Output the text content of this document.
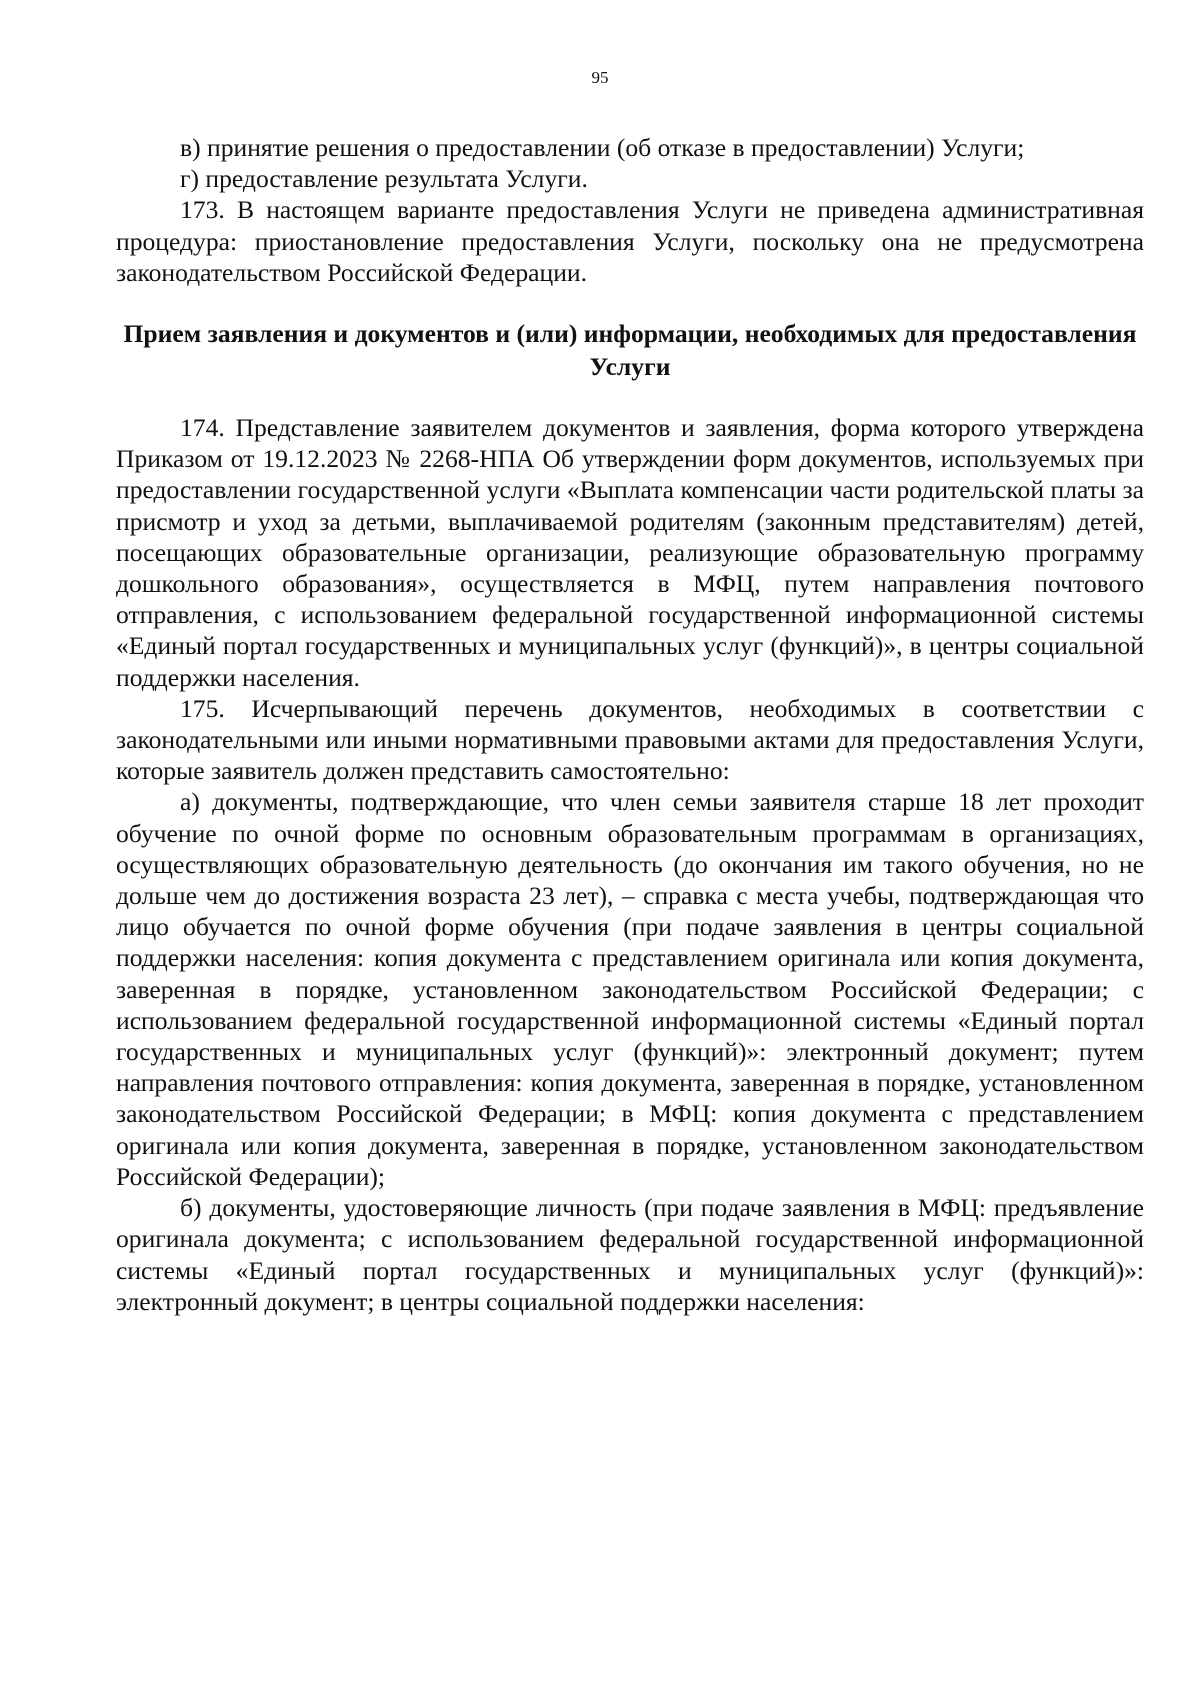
95

в) принятие решения о предоставлении (об отказе в предоставлении) Услуги;

г) предоставление результата Услуги.

173. В настоящем варианте предоставления Услуги не приведена административная процедура: приостановление предоставления Услуги, поскольку она не предусмотрена законодательством Российской Федерации.

Прием заявления и документов и (или) информации, необходимых для предоставления Услуги

174. Представление заявителем документов и заявления, форма которого утверждена Приказом от 19.12.2023 № 2268-НПА Об утверждении форм документов, используемых при предоставлении государственной услуги «Выплата компенсации части родительской платы за присмотр и уход за детьми, выплачиваемой родителям (законным представителям) детей, посещающих образовательные организации, реализующие образовательную программу дошкольного образования», осуществляется в МФЦ, путем направления почтового отправления, с использованием федеральной государственной информационной системы «Единый портал государственных и муниципальных услуг (функций)», в центры социальной поддержки населения.

175. Исчерпывающий перечень документов, необходимых в соответствии с законодательными или иными нормативными правовыми актами для предоставления Услуги, которые заявитель должен представить самостоятельно:

а) документы, подтверждающие, что член семьи заявителя старше 18 лет проходит обучение по очной форме по основным образовательным программам в организациях, осуществляющих образовательную деятельность (до окончания им такого обучения, но не дольше чем до достижения возраста 23 лет), – справка с места учебы, подтверждающая что лицо обучается по очной форме обучения (при подаче заявления в центры социальной поддержки населения: копия документа с представлением оригинала или копия документа, заверенная в порядке, установленном законодательством Российской Федерации; с использованием федеральной государственной информационной системы «Единый портал государственных и муниципальных услуг (функций)»: электронный документ; путем направления почтового отправления: копия документа, заверенная в порядке, установленном законодательством Российской Федерации; в МФЦ: копия документа с представлением оригинала или копия документа, заверенная в порядке, установленном законодательством Российской Федерации);

б) документы, удостоверяющие личность (при подаче заявления в МФЦ: предъявление оригинала документа; с использованием федеральной государственной информационной системы «Единый портал государственных и муниципальных услуг (функций)»: электронный документ; в центры социальной поддержки населения:
